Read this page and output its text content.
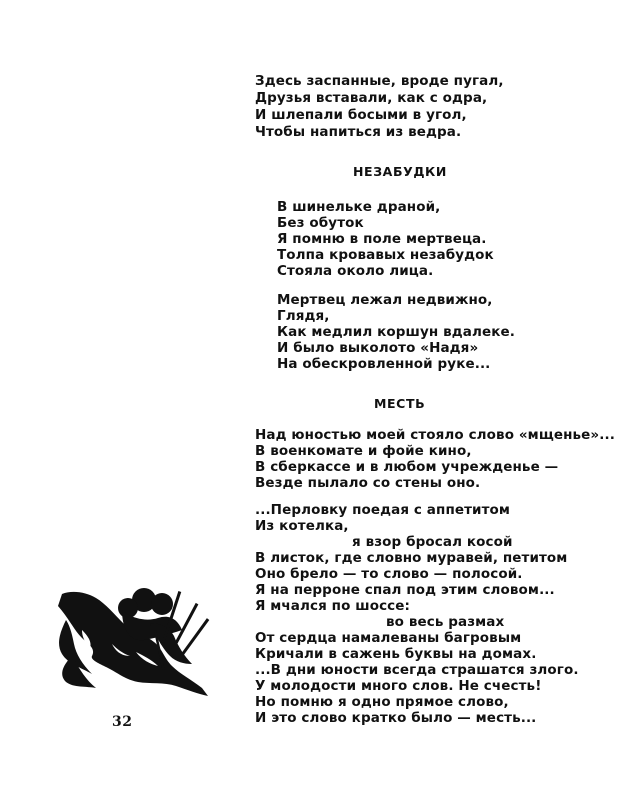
Здесь заспанные, вроде пугал,
Друзья вставали, как с одра,
И шлепали босыми в угол,
Чтобы напиться из ведра.
НЕЗАБУДКИ
В шинельке драной,
Без обуток
Я помню в поле мертвеца.
Толпа кровавых незабудок
Стояла около лица.
Мертвец лежал недвижно,
Глядя,
Как медлил коршун вдалеке.
И было выколото «Надя»
На обескровленной руке...
МЕСТЬ
Над юностью моей стояло слово «мщенье»...
В военкомате и фойе кино,
В сберкассе и в любом учрежденье —
Везде пылало со стены оно.
...Перловку поедая с аппетитом
Из котелка,
я взор бросал косой
В листок, где словно муравей, петитом
Оно брело — то слово — полосой.
Я на перроне спал под этим словом...
Я мчался по шоссе:
во весь размах
От сердца намалеваны багровым
Кричали в сажень буквы на домах.
...В дни юности всегда страшатся злого.
У молодости много слов. Не счесть!
Но помню я одно прямое слово,
И это слово кратко было — месть...
32
